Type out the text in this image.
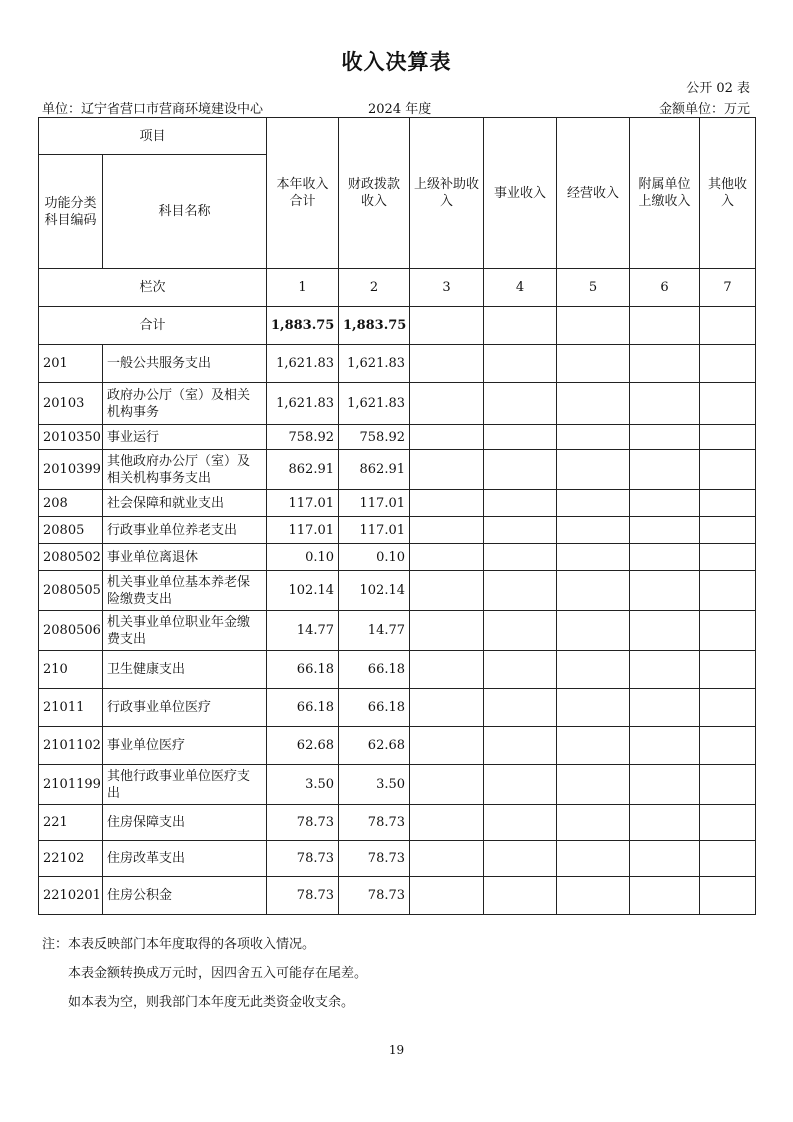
收入决算表
公开 02 表
单位：辽宁省营口市营商环境建设中心	2024 年度	金额单位：万元
项目		本年收入合计	财政拨款收入	上级补助收入	事业收入	经营收入	附属单位上缴收入	其他收入
功能分类科目编码	科目名称							
栏次		1	2	3	4	5	6	7
合计		1,883.75	1,883.75					
201	一般公共服务支出	1,621.83	1,621.83					
20103	政府办公厅（室）及相关机构事务	1,621.83	1,621.83					
2010350	事业运行	758.92	758.92					
2010399	其他政府办公厅（室）及相关机构事务支出	862.91	862.91					
208	社会保障和就业支出	117.01	117.01					
20805	行政事业单位养老支出	117.01	117.01					
2080502	事业单位离退休	0.10	0.10					
2080505	机关事业单位基本养老保险缴费支出	102.14	102.14					
2080506	机关事业单位职业年金缴费支出	14.77	14.77					
210	卫生健康支出	66.18	66.18					
21011	行政事业单位医疗	66.18	66.18					
2101102	事业单位医疗	62.68	62.68					
2101199	其他行政事业单位医疗支出	3.50	3.50					
221	住房保障支出	78.73	78.73					
22102	住房改革支出	78.73	78.73					
2210201	住房公积金	78.73	78.73					
注：本表反映部门本年度取得的各项收入情况。
本表金额转换成万元时，因四舍五入可能存在尾差。
如本表为空，则我部门本年度无此类资金收支余。
19
